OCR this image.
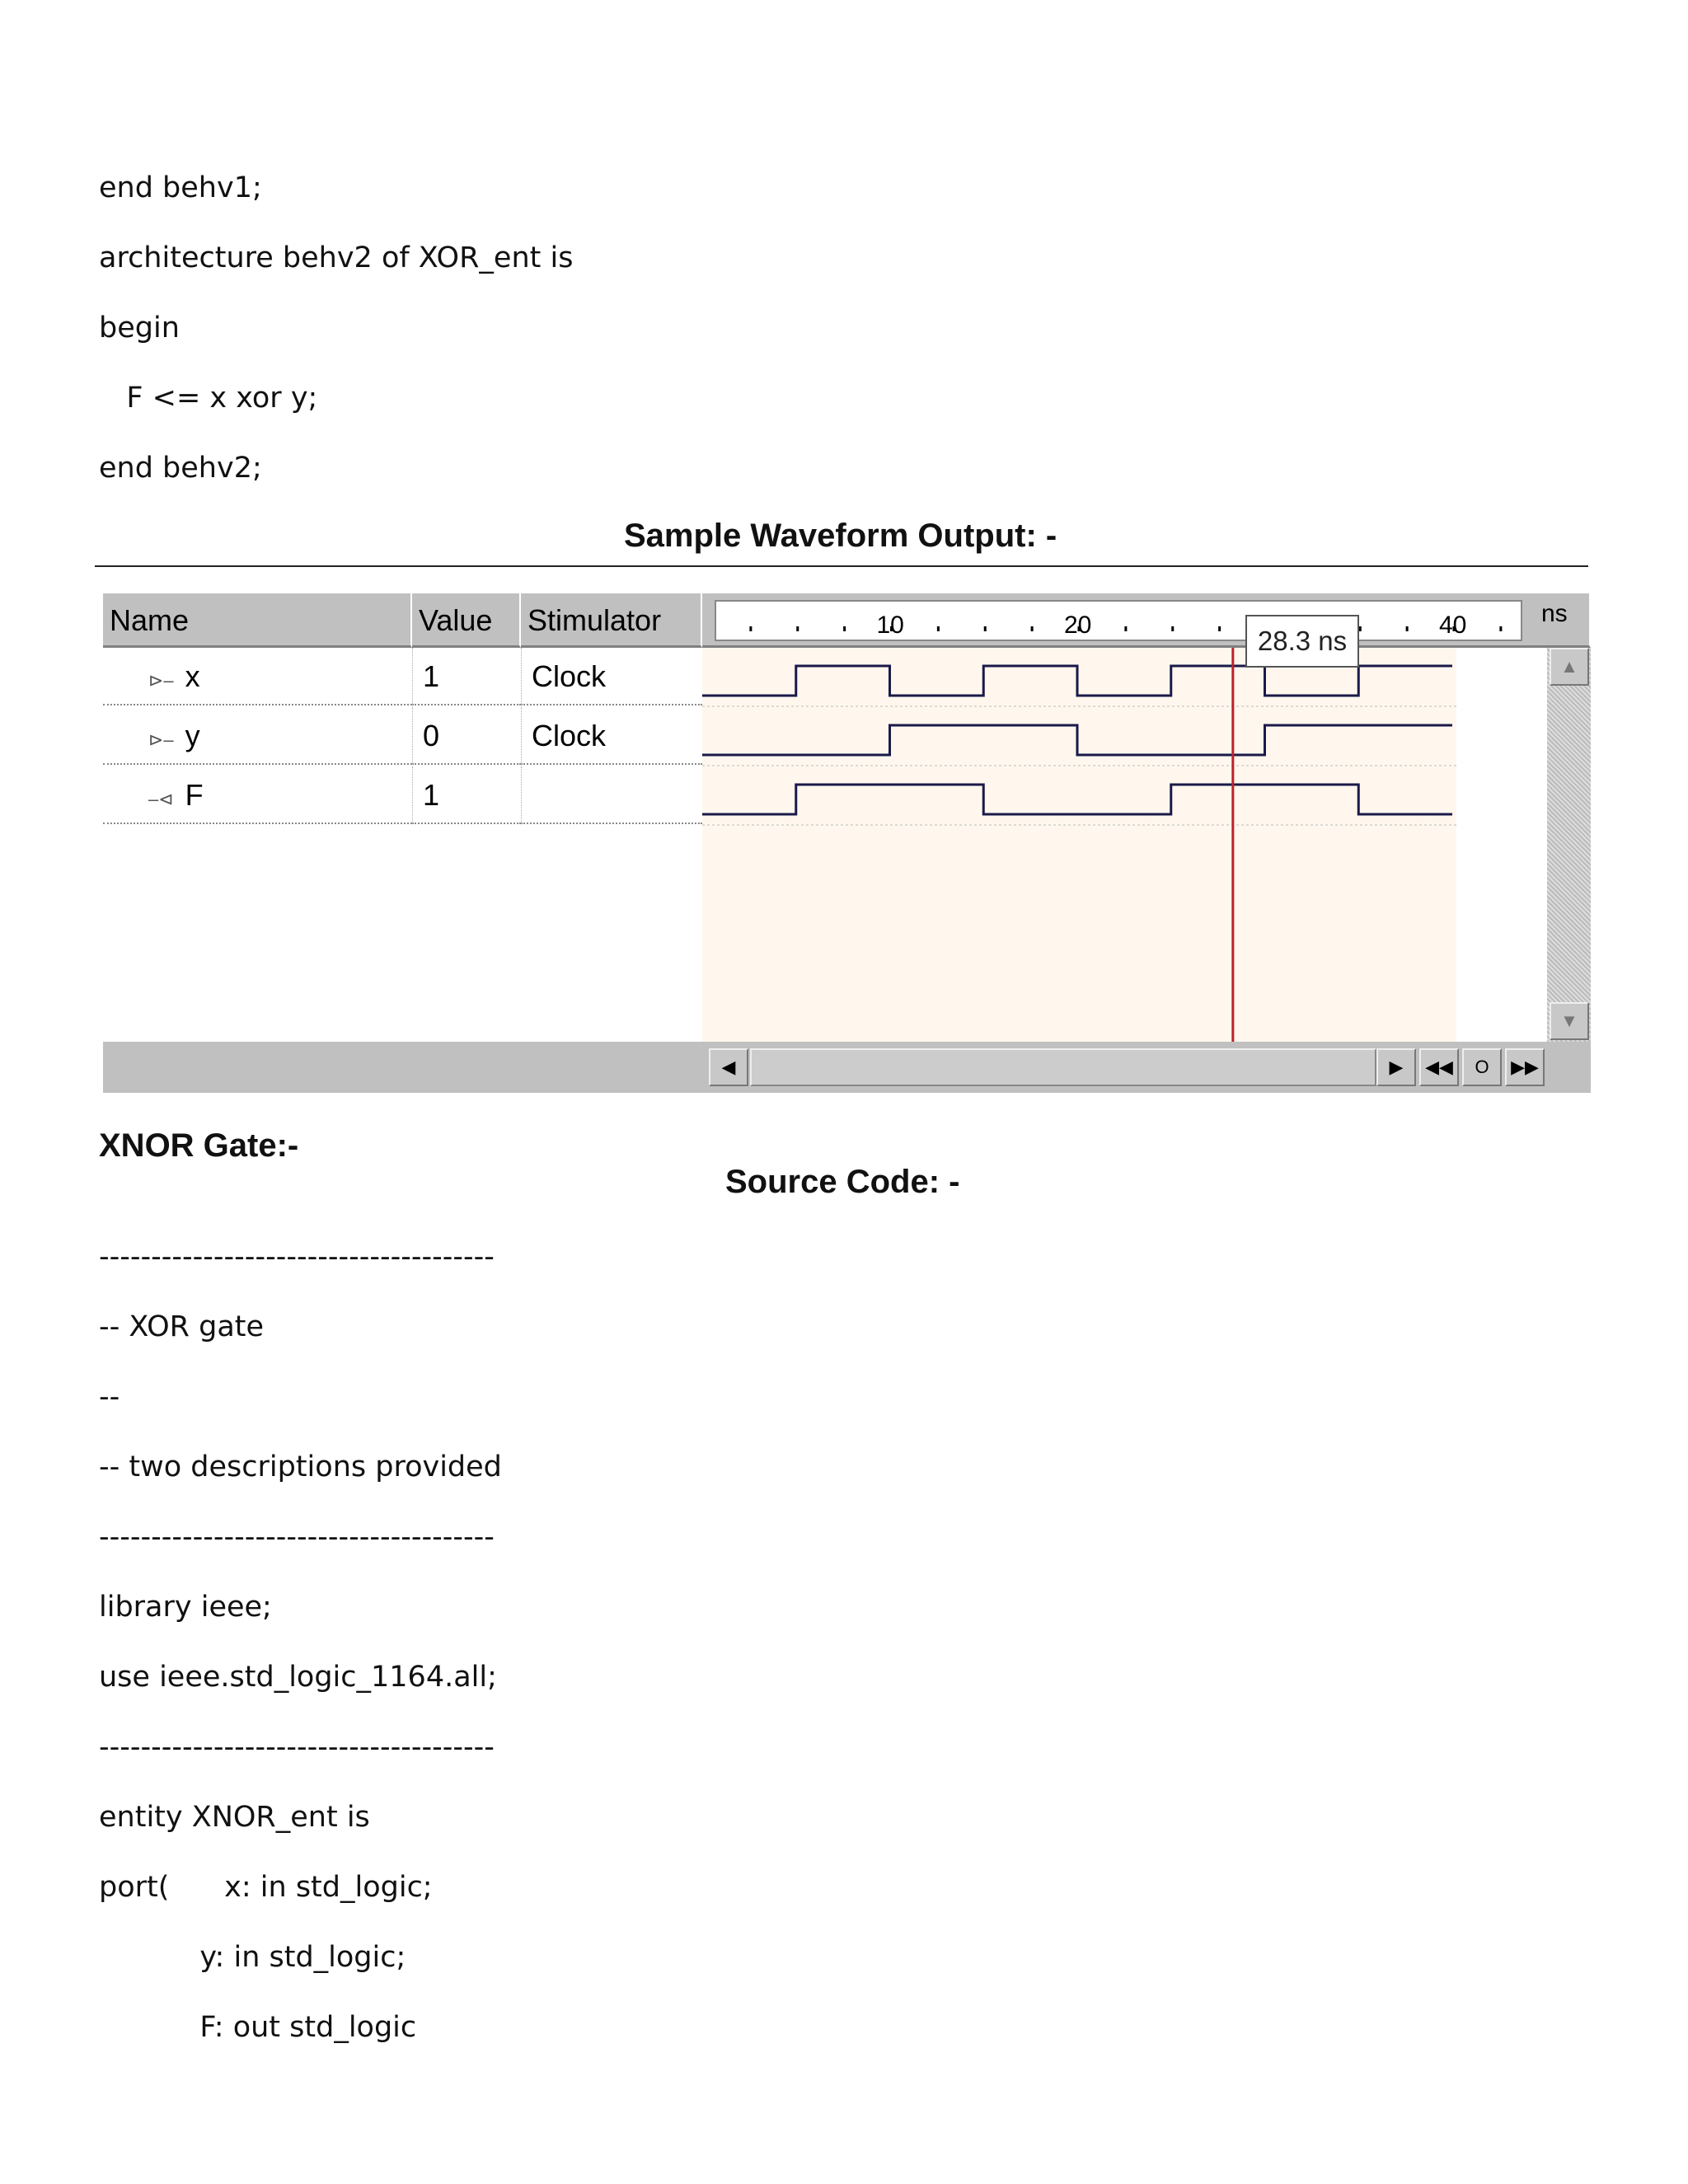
end behv1;
architecture behv2 of XOR_ent is
begin
F <= x xor y;
end behv2;
Sample Waveform Output: -
Name	Value	Stimulator	10	20	40	ns
28.3 ns
⊳– x	1	Clock
⊳– y	0	Clock
–⊲ F	1
▲
▼
◀	▶	◀◀	O	▶▶
XNOR Gate:-
Source Code: -
--------------------------------------
-- XOR gate
--
-- two descriptions provided
--------------------------------------
library ieee;
use ieee.std_logic_1164.all;
--------------------------------------
entity XNOR_ent is
port(      x: in std_logic;
y: in std_logic;
F: out std_logic
